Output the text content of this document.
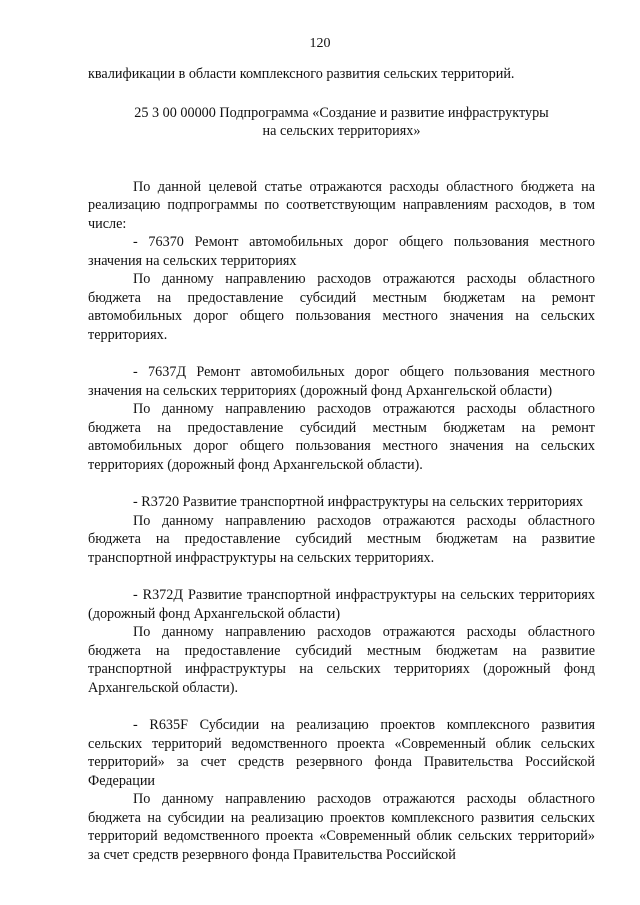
120

квалификации в области комплексного развития сельских территорий.

25 3 00 00000 Подпрограмма «Создание и развитие инфраструктуры
на сельских территориях»

По данной целевой статье отражаются расходы областного бюджета на реализацию подпрограммы по соответствующим направлениям расходов, в том числе:

- 76370 Ремонт автомобильных дорог общего пользования местного значения на сельских территориях

По данному направлению расходов отражаются расходы областного бюджета на предоставление субсидий местным бюджетам на ремонт автомобильных дорог общего пользования местного значения на сельских территориях.

- 7637Д Ремонт автомобильных дорог общего пользования местного значения на сельских территориях (дорожный фонд Архангельской области)

По данному направлению расходов отражаются расходы областного бюджета на предоставление субсидий местным бюджетам на ремонт автомобильных дорог общего пользования местного значения на сельских территориях (дорожный фонд Архангельской области).

- R3720 Развитие транспортной инфраструктуры на сельских территориях

По данному направлению расходов отражаются расходы областного бюджета на предоставление субсидий местным бюджетам на развитие транспортной инфраструктуры на сельских территориях.

- R372Д Развитие транспортной инфраструктуры на сельских территориях (дорожный фонд Архангельской области)

По данному направлению расходов отражаются расходы областного бюджета на предоставление субсидий местным бюджетам на развитие транспортной инфраструктуры на сельских территориях (дорожный фонд Архангельской области).

- R635F Субсидии на реализацию проектов комплексного развития сельских территорий ведомственного проекта «Современный облик сельских территорий» за счет средств резервного фонда Правительства Российской Федерации

По данному направлению расходов отражаются расходы областного бюджета на субсидии на реализацию проектов комплексного развития сельских территорий ведомственного проекта «Современный облик сельских территорий» за счет средств резервного фонда Правительства Российской
